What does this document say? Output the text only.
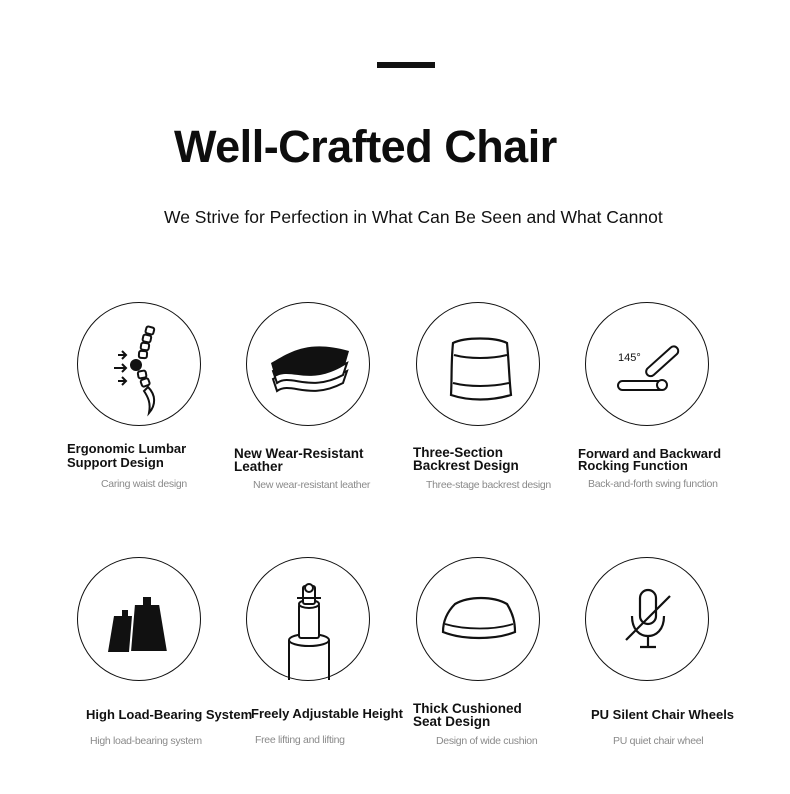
Well-Crafted Chair
We Strive for Perfection in What Can Be Seen and What Cannot
Ergonomic Lumbar
Support Design
Caring waist design
New Wear-Resistant
Leather
New wear-resistant leather
Three-Section
Backrest Design
Three-stage backrest design
145°
Forward and Backward
Rocking Function
Back-and-forth swing function
High Load-Bearing System
High load-bearing system
Freely Adjustable Height
Free lifting and lifting
Thick Cushioned
Seat Design
Design of wide cushion
PU Silent Chair Wheels
PU quiet chair wheel
